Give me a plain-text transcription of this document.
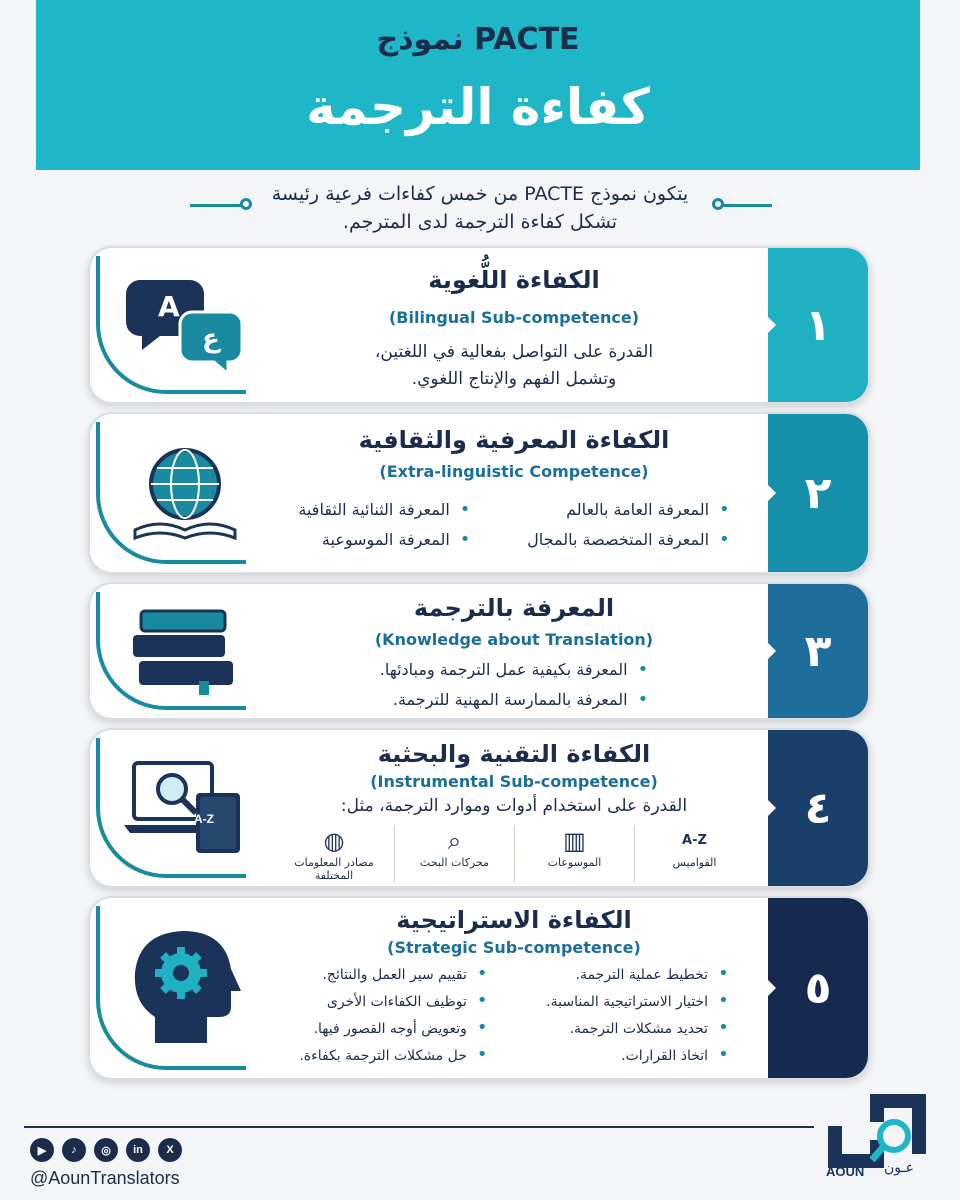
نموذج PACTE
كفاءة الترجمة
يتكون نموذج PACTE من خمس كفاءات فرعية رئيسة
تشكل كفاءة الترجمة لدى المترجم.
١
A
ع
الكفاءة اللُّغوية
(Bilingual Sub-competence)
القدرة على التواصل بفعالية في اللغتين،
وتشمل الفهم والإنتاج اللغوي.
٢
الكفاءة المعرفية والثقافية
(Extra-linguistic Competence)
• المعرفة العامة بالعالم
• المعرفة المتخصصة بالمجال
• المعرفة الثنائية الثقافية
• المعرفة الموسوعية
٣
المعرفة بالترجمة
(Knowledge about Translation)
• المعرفة بكيفية عمل الترجمة ومبادئها.
• المعرفة بالممارسة المهنية للترجمة.
٤
A-Z
الكفاءة التقنية والبحثية
(Instrumental Sub-competence)
القدرة على استخدام أدوات وموارد الترجمة، مثل:
A-Z
القواميس
▥
الموسوعات
⌕
محركات البحث
◍
مصادر المعلومات المختلفة
٥
الكفاءة الاستراتيجية
(Strategic Sub-competence)
• تخطيط عملية الترجمة.
• اختيار الاستراتيجية المناسبة.
• تحديد مشكلات الترجمة.
• اتخاذ القرارات.
• تقييم سير العمل والنتائج.
• توظيف الكفاءات الأخرى
• وتعويض أوجه القصور فيها.
• حل مشكلات الترجمة بكفاءة.
▶	♪	◎	in	X
@AounTranslators	AOUN عـون
